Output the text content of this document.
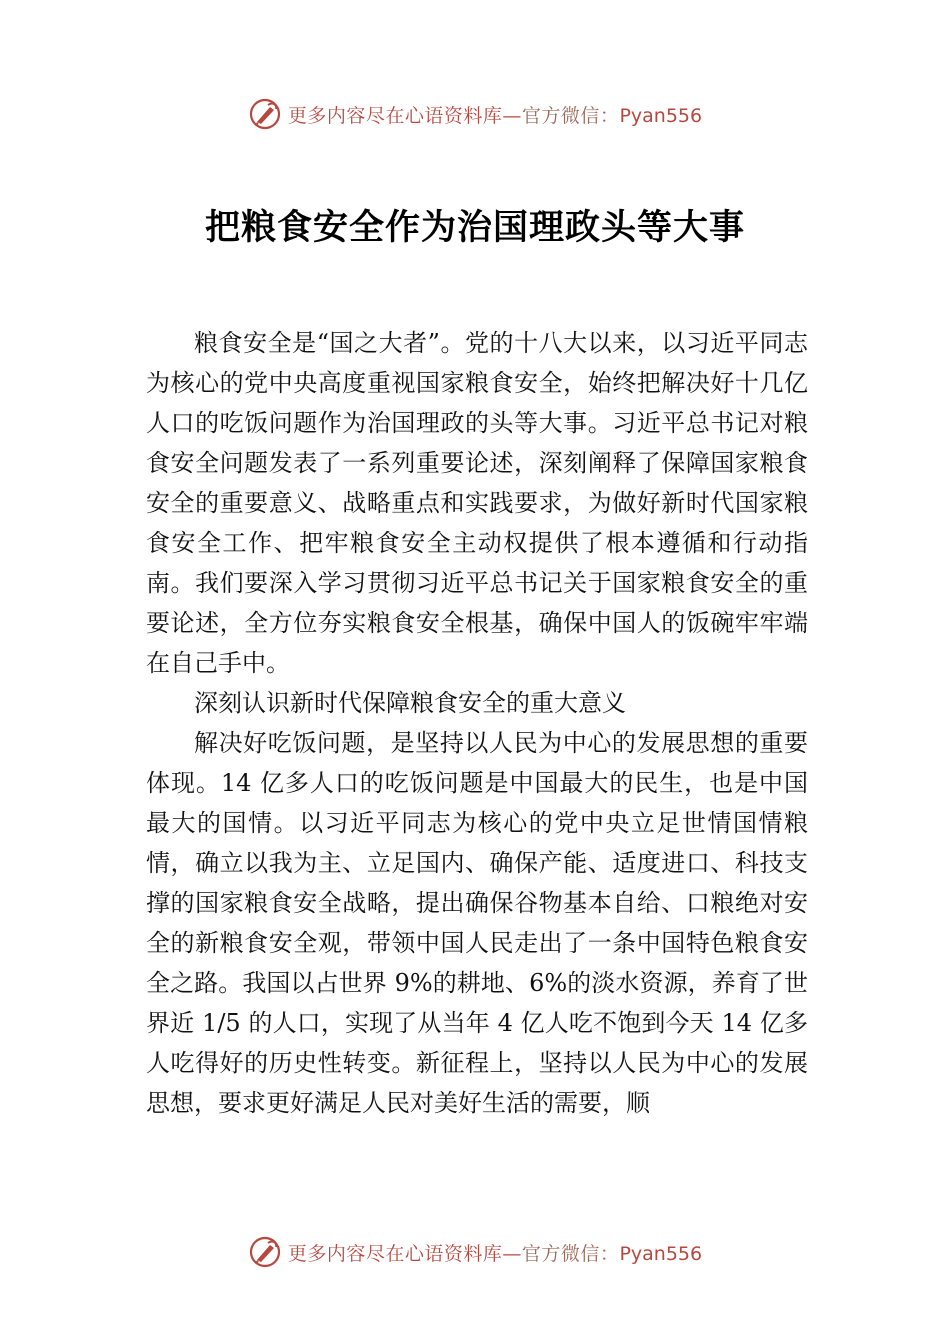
更多内容尽在心语资料库—官方微信：Pyan556
把粮食安全作为治国理政头等大事

粮食安全是“国之大者”。党的十八大以来，以习近平同志为核心的党中央高度重视国家粮食安全，始终把解决好十几亿人口的吃饭问题作为治国理政的头等大事。习近平总书记对粮食安全问题发表了一系列重要论述，深刻阐释了保障国家粮食安全的重要意义、战略重点和实践要求，为做好新时代国家粮食安全工作、把牢粮食安全主动权提供了根本遵循和行动指南。我们要深入学习贯彻习近平总书记关于国家粮食安全的重要论述，全方位夯实粮食安全根基，确保中国人的饭碗牢牢端在自己手中。

深刻认识新时代保障粮食安全的重大意义

解决好吃饭问题，是坚持以人民为中心的发展思想的重要体现。14 亿多人口的吃饭问题是中国最大的民生，也是中国最大的国情。以习近平同志为核心的党中央立足世情国情粮情，确立以我为主、立足国内、确保产能、适度进口、科技支撑的国家粮食安全战略，提出确保谷物基本自给、口粮绝对安全的新粮食安全观，带领中国人民走出了一条中国特色粮食安全之路。我国以占世界 9%的耕地、6%的淡水资源，养育了世界近 1/5 的人口，实现了从当年 4 亿人吃不饱到今天 14 亿多人吃得好的历史性转变。新征程上，坚持以人民为中心的发展思想，要求更好满足人民对美好生活的需要，顺

更多内容尽在心语资料库—官方微信：Pyan556
